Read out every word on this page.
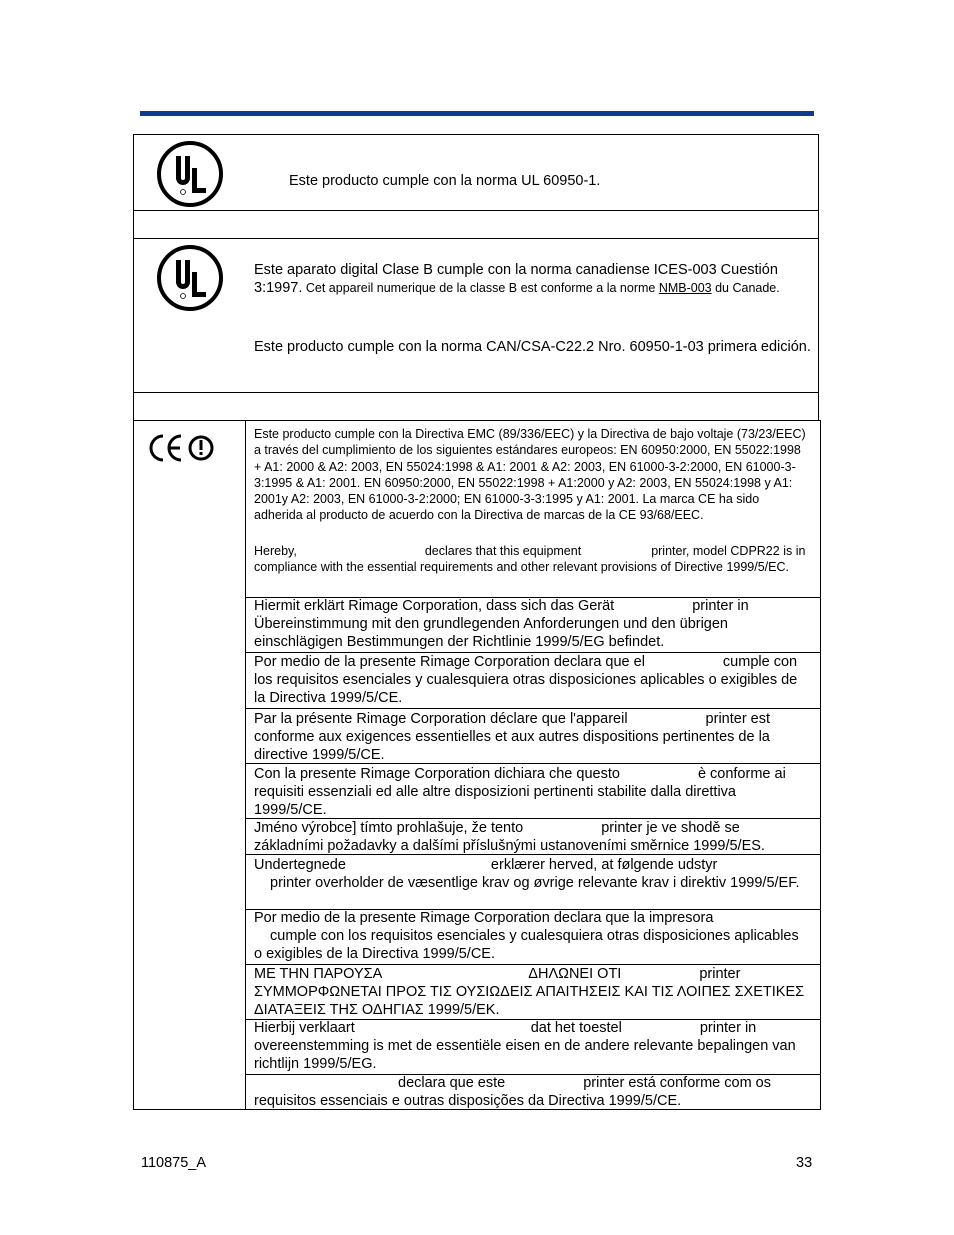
Este producto cumple con la norma UL 60950-1.

Este aparato digital Clase B cumple con la norma canadiense ICES-003 Cuestión 3:1997. Cet appareil numerique de la classe B est conforme a la norme NMB-003 du Canade.

Este producto cumple con la norma CAN/CSA-C22.2 Nro. 60950-1-03 primera edición.

Este producto cumple con la Directiva EMC (89/336/EEC) y la Directiva de bajo voltaje (73/23/EEC) a través del cumplimiento de los siguientes estándares europeos: EN 60950:2000, EN 55022:1998 + A1: 2000 & A2: 2003, EN 55024:1998 & A1: 2001 & A2: 2003, EN 61000-3-2:2000, EN 61000-3-3:1995 & A1: 2001. EN 60950:2000, EN 55022:1998 + A1:2000 y A2: 2003, EN 55024:1998 y A1: 2001y A2: 2003, EN 61000-3-2:2000; EN 61000-3-3:1995 y A1: 2001. La marca CE ha sido adherida al producto de acuerdo con la Directiva de marcas de la CE 93/68/EEC.
Hereby,	declares that this equipment	printer, model CDPR22 is in compliance with the essential requirements and other relevant provisions of Directive 1999/5/EC.
Hiermit erklärt Rimage Corporation, dass sich das Gerät	printer in Übereinstimmung mit den grundlegenden Anforderungen und den übrigen einschlägigen Bestimmungen der Richtlinie 1999/5/EG befindet.
Por medio de la presente Rimage Corporation declara que el	cumple con los requisitos esenciales y cualesquiera otras disposiciones aplicables o exigibles de la Directiva 1999/5/CE.
Par la présente Rimage Corporation déclare que l'appareil	printer est conforme aux exigences essentielles et aux autres dispositions pertinentes de la directive 1999/5/CE.
Con la presente Rimage Corporation dichiara che questo	è conforme ai requisiti essenziali ed alle altre disposizioni pertinenti stabilite dalla direttiva 1999/5/CE.
Jméno výrobce] tímto prohlašuje, že tento	printer je ve shodě se základními požadavky a dalšími příslušnými ustanoveními směrnice 1999/5/ES.
Undertegnede	erklærer herved, at følgende udstyr
printer overholder de væsentlige krav og øvrige relevante krav i direktiv 1999/5/EF.
Por medio de la presente Rimage Corporation declara que la impresora
cumple con los requisitos esenciales y cualesquiera otras disposiciones aplicables o exigibles de la Directiva 1999/5/CE.
ΜΕ ΤΗΝ ΠΑΡΟΥΣΑ	ΔΗΛΩΝΕΙ ΟΤΙ	printer ΣΥΜΜΟΡΦΩΝΕΤΑΙ ΠΡΟΣ ΤΙΣ ΟΥΣΙΩΔΕΙΣ ΑΠΑΙΤΗΣΕΙΣ ΚΑΙ ΤΙΣ ΛΟΙΠΕΣ ΣΧΕΤΙΚΕΣ ΔΙΑΤΑΞΕΙΣ ΤΗΣ ΟΔΗΓΙΑΣ 1999/5/ΕΚ.
Hierbij verklaart	dat het toestel	printer in overeenstemming is met de essentiële eisen en de andere relevante bepalingen van richtlijn 1999/5/EG.
declara que este	printer está conforme com os requisitos essenciais e outras disposições da Directiva 1999/5/CE.
110875_A	33
